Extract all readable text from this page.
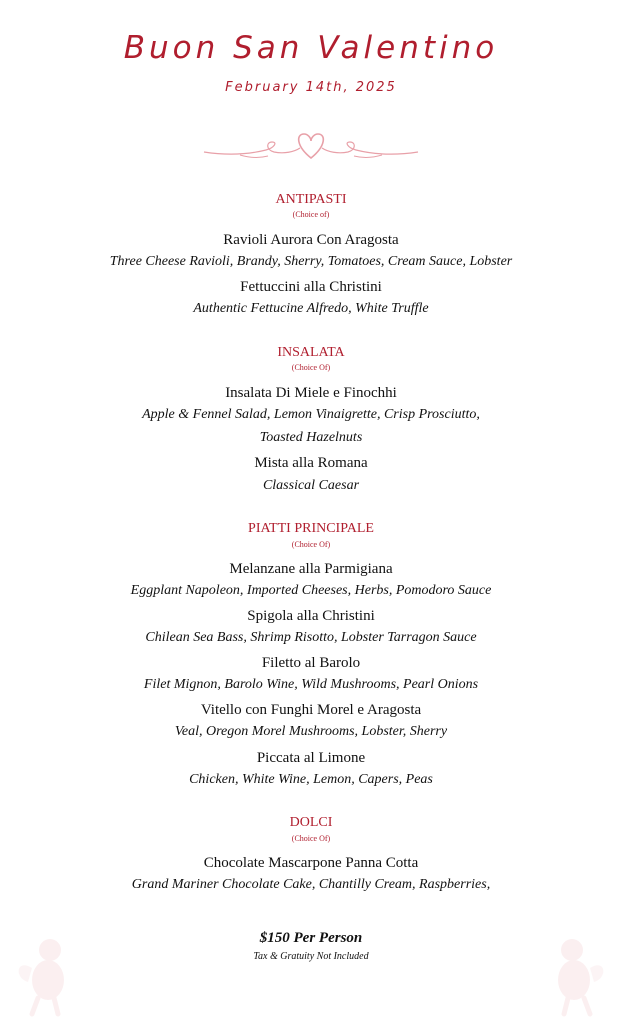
Buon San Valentino
February 14th, 2025
ANTIPASTI
(Choice of)
Ravioli Aurora Con Aragosta
Three Cheese Ravioli, Brandy, Sherry, Tomatoes, Cream Sauce, Lobster
Fettuccini alla Christini
Authentic Fettucine Alfredo, White Truffle
INSALATA
(Choice Of)
Insalata Di Miele e Finochhi
Apple & Fennel Salad, Lemon Vinaigrette, Crisp Prosciutto,
Toasted Hazelnuts
Mista alla Romana
Classical Caesar
PIATTI PRINCIPALE
(Choice Of)
Melanzane alla Parmigiana
Eggplant Napoleon, Imported Cheeses, Herbs, Pomodoro Sauce
Spigola alla Christini
Chilean Sea Bass, Shrimp Risotto, Lobster Tarragon Sauce
Filetto al Barolo
Filet Mignon, Barolo Wine, Wild Mushrooms, Pearl Onions
Vitello con Funghi Morel e Aragosta
Veal, Oregon Morel Mushrooms, Lobster, Sherry
Piccata al Limone
Chicken, White Wine, Lemon, Capers, Peas
DOLCI
(Choice Of)
Chocolate Mascarpone Panna Cotta
Grand Mariner Chocolate Cake, Chantilly Cream, Raspberries,
$150 Per Person
Tax & Gratuity Not Included
